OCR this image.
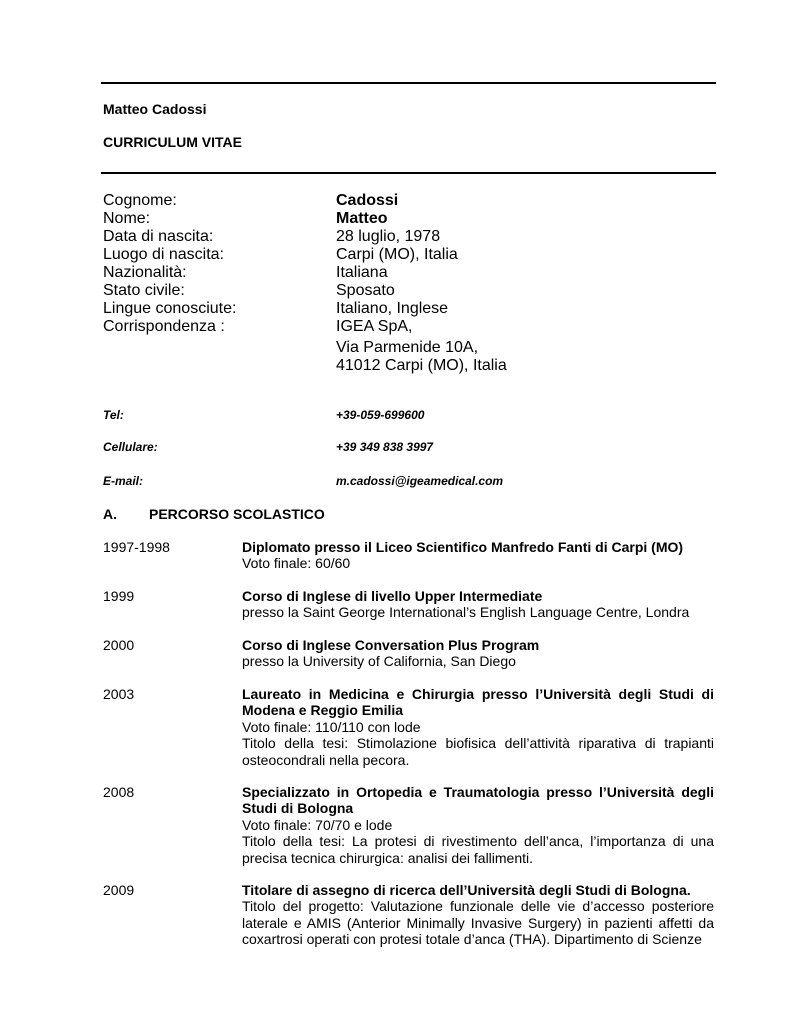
Matteo Cadossi
CURRICULUM VITAE
Cognome:	Cadossi
Nome:	Matteo
Data di nascita:	28 luglio, 1978
Luogo di nascita:	Carpi (MO), Italia
Nazionalità:	Italiana
Stato civile:	Sposato
Lingue conosciute:	Italiano, Inglese
Corrispondenza :	IGEA SpA,
Via Parmenide 10A,
41012 Carpi (MO), Italia
Tel:	+39-059-699600
Cellulare:	+39 349 838 3997
E-mail:	m.cadossi@igeamedical.com
A. PERCORSO SCOLASTICO
1997-1998	Diplomato presso il Liceo Scientifico Manfredo Fanti di Carpi (MO)
Voto finale: 60/60
1999	Corso di Inglese di livello Upper Intermediate
presso la Saint George International’s English Language Centre, Londra
2000	Corso di Inglese Conversation Plus Program
presso la University of California, San Diego
2003	Laureato in Medicina e Chirurgia presso l’Università degli Studi di Modena e Reggio Emilia
Voto finale: 110/110 con lode
Titolo della tesi: Stimolazione biofisica dell’attività riparativa di trapianti osteocondrali nella pecora.
2008	Specializzato in Ortopedia e Traumatologia presso l’Università degli Studi di Bologna
Voto finale: 70/70 e lode
Titolo della tesi: La protesi di rivestimento dell’anca, l’importanza di una precisa tecnica chirurgica: analisi dei fallimenti.
2009	Titolare di assegno di ricerca dell’Università degli Studi di Bologna.
Titolo del progetto: Valutazione funzionale delle vie d’accesso posteriore laterale e AMIS (Anterior Minimally Invasive Surgery) in pazienti affetti da coxartrosi operati con protesi totale d’anca (THA). Dipartimento di Scienze
